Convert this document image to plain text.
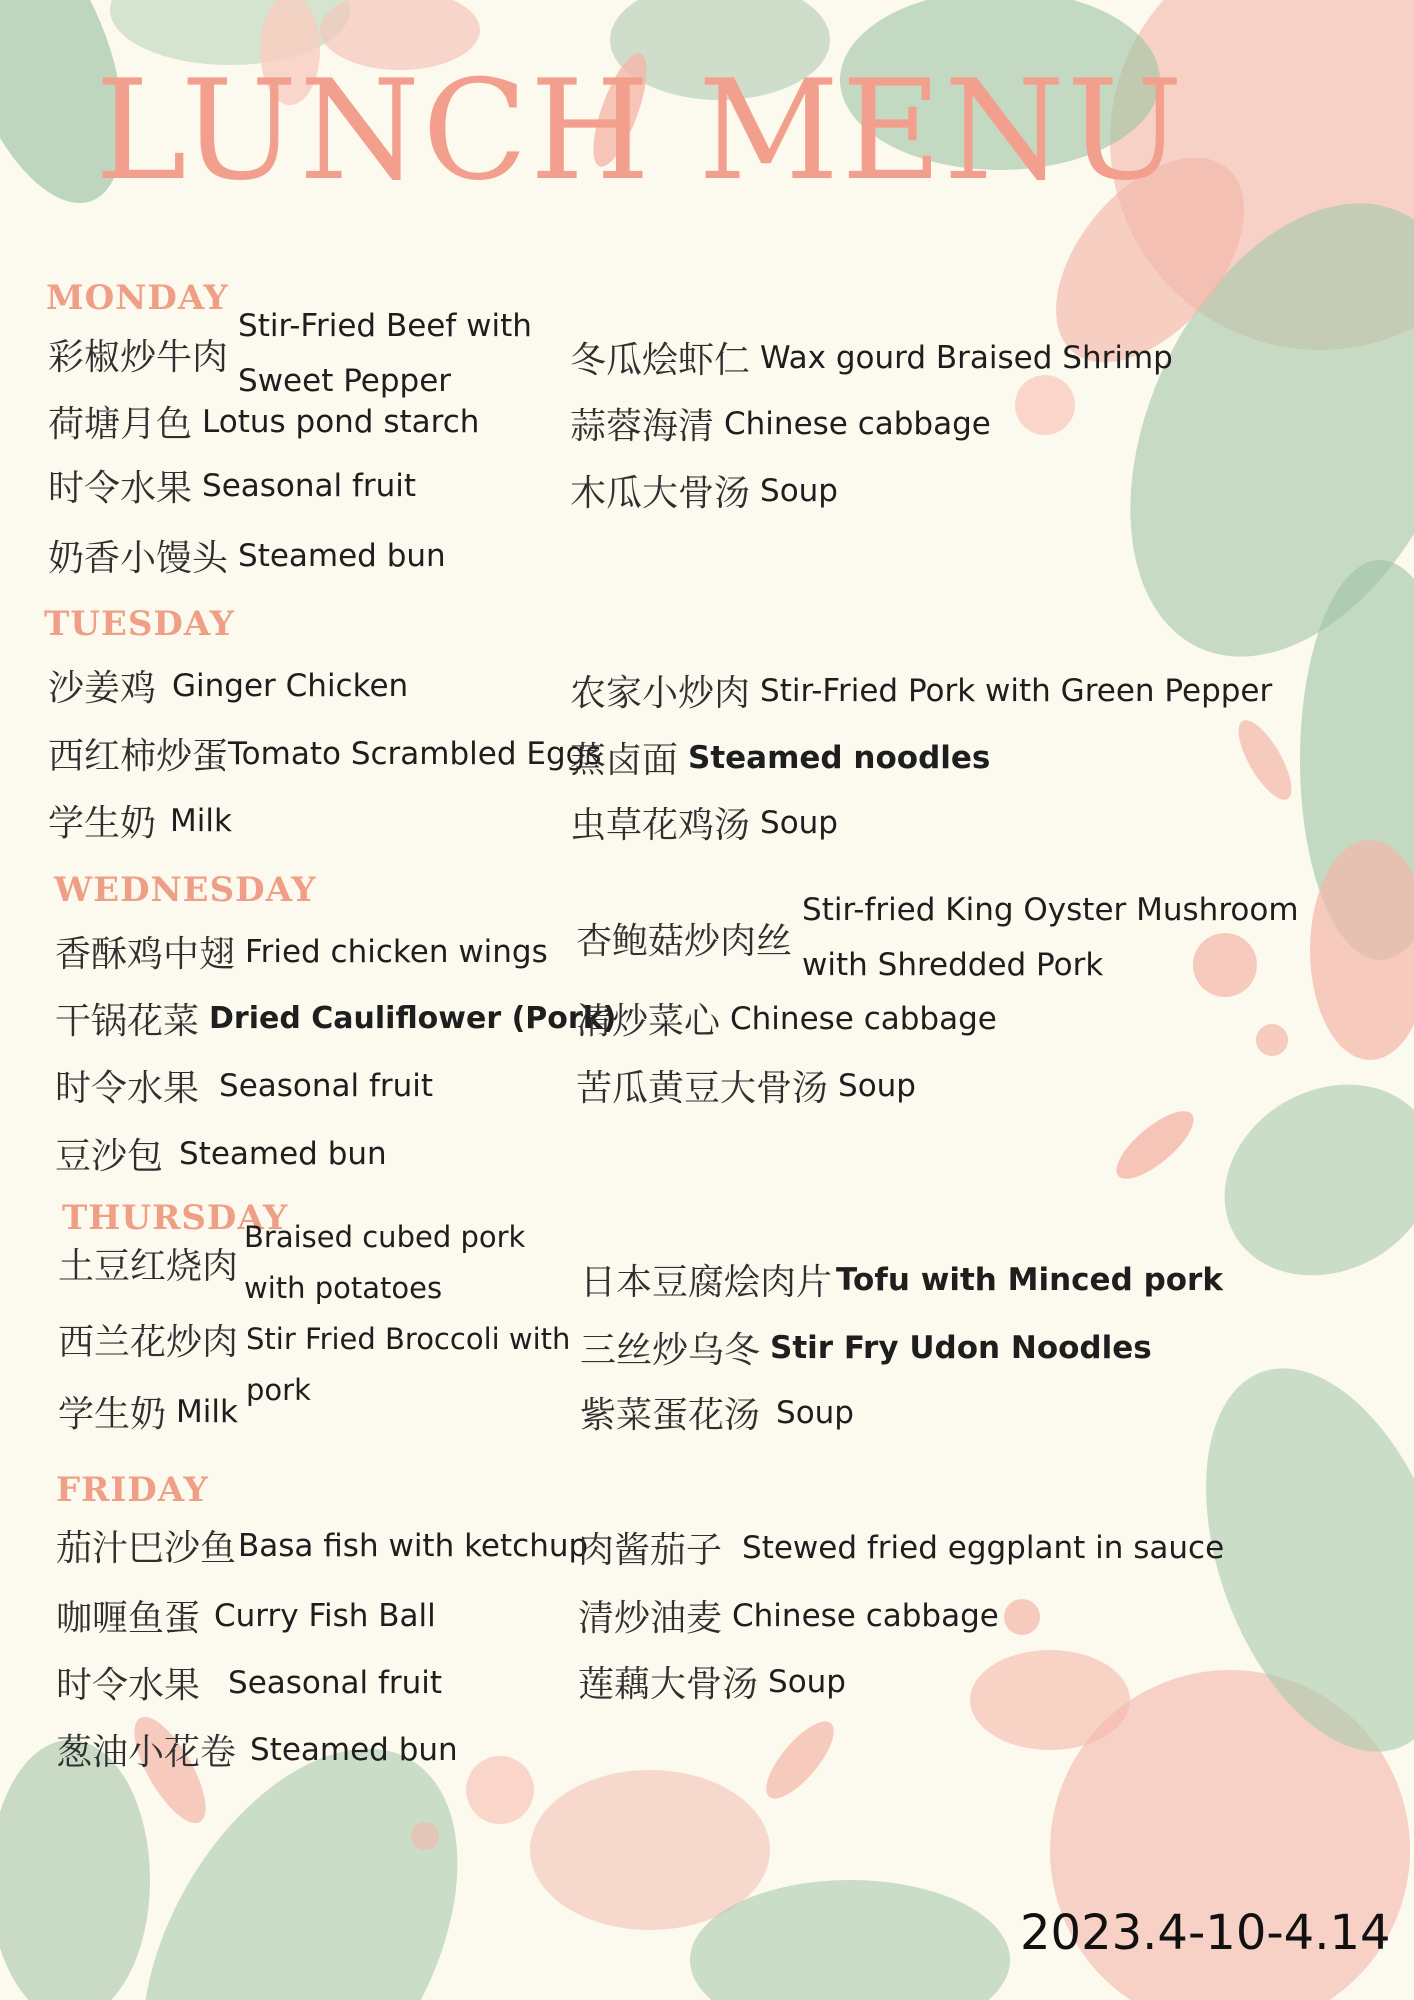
LUNCH MENU
MONDAY
彩椒炒牛肉
Stir-Fried Beef with Sweet Pepper
荷塘月色 Lotus pond starch
时令水果 Seasonal fruit
奶香小馒头 Steamed bun
冬瓜烩虾仁 Wax gourd Braised Shrimp
蒜蓉海清 Chinese cabbage
木瓜大骨汤 Soup
TUESDAY
沙姜鸡 Ginger Chicken
西红柿炒蛋 Tomato Scrambled Eggs
学生奶 Milk
农家小炒肉 Stir-Fried Pork with Green Pepper
蒸卤面 Steamed noodles
虫草花鸡汤 Soup
WEDNESDAY
香酥鸡中翅 Fried chicken wings
干锅花菜 Dried Cauliflower (Pork)
时令水果 Seasonal fruit
豆沙包 Steamed bun
杏鲍菇炒肉丝
Stir-fried King Oyster Mushroom with Shredded Pork
清炒菜心 Chinese cabbage
苦瓜黄豆大骨汤 Soup
THURSDAY
土豆红烧肉
Braised cubed pork with potatoes
西兰花炒肉 Stir Fried Broccoli with pork
学生奶 Milk
日本豆腐烩肉片 Tofu with Minced pork
三丝炒乌冬 Stir Fry Udon Noodles
紫菜蛋花汤 Soup
FRIDAY
茄汁巴沙鱼 Basa fish with ketchup
咖喱鱼蛋 Curry Fish Ball
时令水果 Seasonal fruit
葱油小花卷 Steamed bun
肉酱茄子 Stewed fried eggplant in sauce
清炒油麦 Chinese cabbage
莲藕大骨汤 Soup
2023.4-10-4.14
